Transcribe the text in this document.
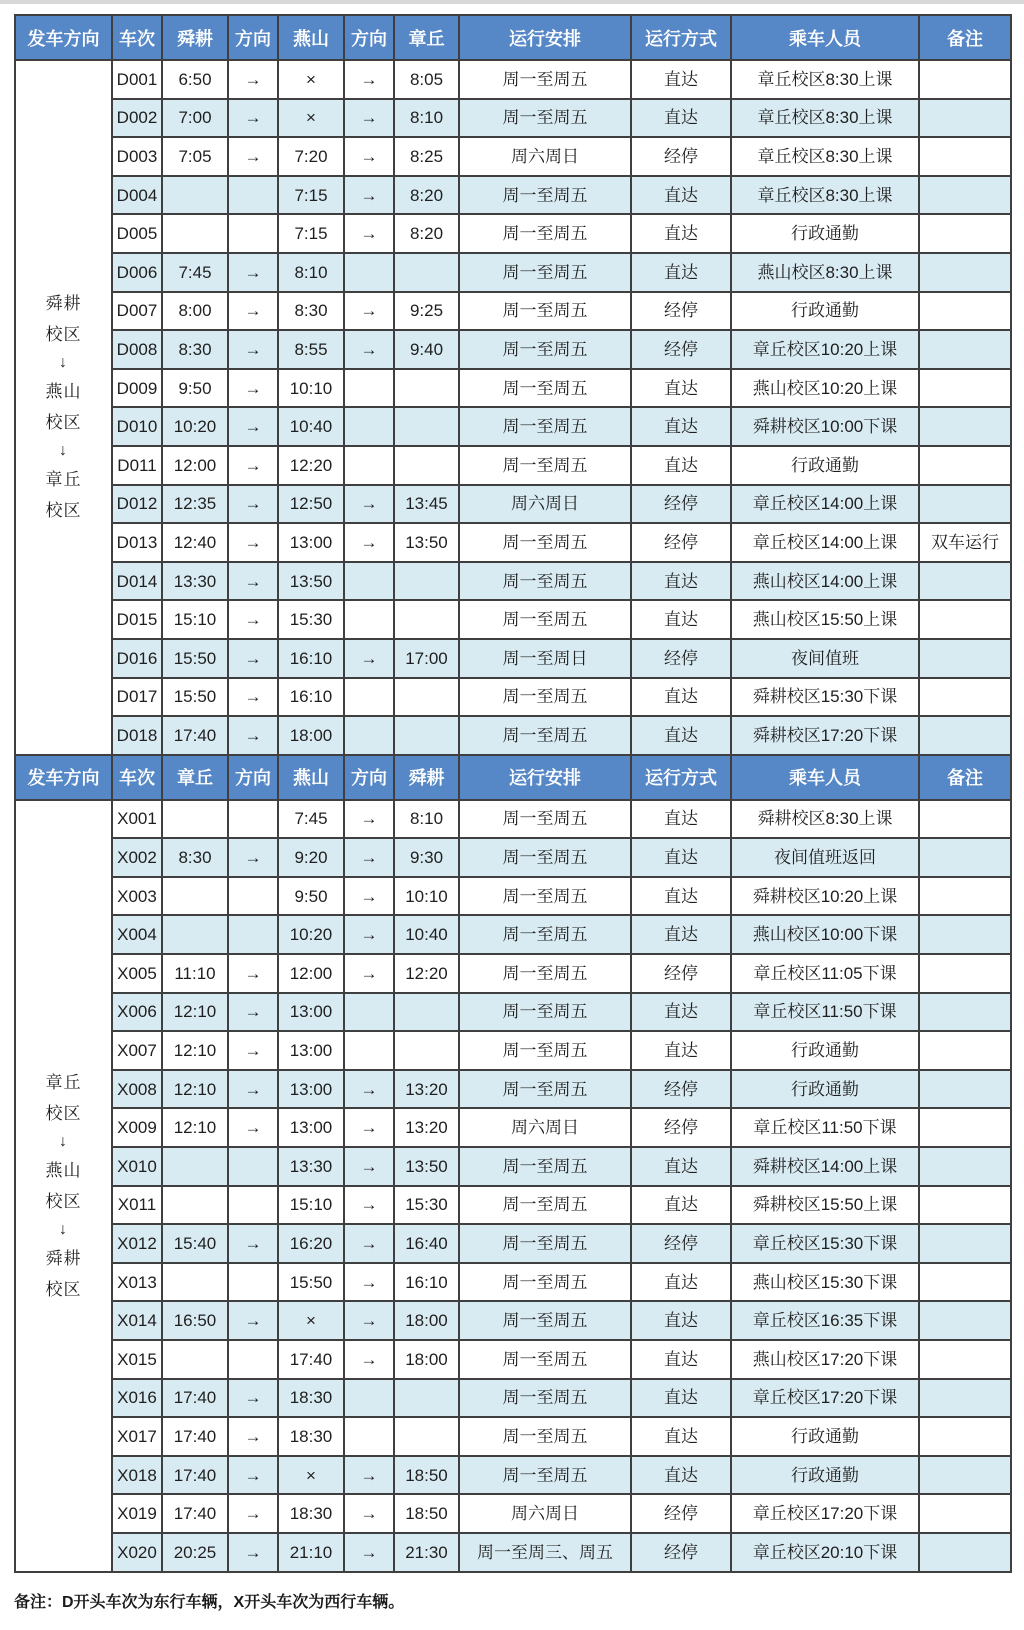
发车方向	车次	舜耕	方向	燕山	方向	章丘	运行安排	运行方式	乘车人员	备注

舜耕
校区
↓
燕山
校区
↓
章丘
校区
	D001	6:50	→	×	→	8:05	周一至周五	直达	章丘校区8:30上课	
	D002	7:00	→	×	→	8:10	周一至周五	直达	章丘校区8:30上课	
	D003	7:05	→	7:20	→	8:25	周六周日	经停	章丘校区8:30上课	
	D004			7:15	→	8:20	周一至周五	直达	章丘校区8:30上课	
	D005			7:15	→	8:20	周一至周五	直达	行政通勤	
	D006	7:45	→	8:10			周一至周五	直达	燕山校区8:30上课	
	D007	8:00	→	8:30	→	9:25	周一至周五	经停	行政通勤	
	D008	8:30	→	8:55	→	9:40	周一至周五	经停	章丘校区10:20上课	
	D009	9:50	→	10:10			周一至周五	直达	燕山校区10:20上课	
	D010	10:20	→	10:40			周一至周五	直达	舜耕校区10:00下课	
	D011	12:00	→	12:20			周一至周五	直达	行政通勤	
	D012	12:35	→	12:50	→	13:45	周六周日	经停	章丘校区14:00上课	
	D013	12:40	→	13:00	→	13:50	周一至周五	经停	章丘校区14:00上课	双车运行
	D014	13:30	→	13:50			周一至周五	直达	燕山校区14:00上课	
	D015	15:10	→	15:30			周一至周五	直达	燕山校区15:50上课	
	D016	15:50	→	16:10	→	17:00	周一至周日	经停	夜间值班	
	D017	15:50	→	16:10			周一至周五	直达	舜耕校区15:30下课	
	D018	17:40	→	18:00			周一至周五	直达	舜耕校区17:20下课	
发车方向	车次	章丘	方向	燕山	方向	舜耕	运行安排	运行方式	乘车人员	备注

章丘
校区
↓
燕山
校区
↓
舜耕
校区
	X001			7:45	→	8:10	周一至周五	直达	舜耕校区8:30上课	
	X002	8:30	→	9:20	→	9:30	周一至周五	直达	夜间值班返回	
	X003			9:50	→	10:10	周一至周五	直达	舜耕校区10:20上课	
	X004			10:20	→	10:40	周一至周五	直达	燕山校区10:00下课	
	X005	11:10	→	12:00	→	12:20	周一至周五	经停	章丘校区11:05下课	
	X006	12:10	→	13:00			周一至周五	直达	章丘校区11:50下课	
	X007	12:10	→	13:00			周一至周五	直达	行政通勤	
	X008	12:10	→	13:00	→	13:20	周一至周五	经停	行政通勤	
	X009	12:10	→	13:00	→	13:20	周六周日	经停	章丘校区11:50下课	
	X010			13:30	→	13:50	周一至周五	直达	舜耕校区14:00上课	
	X011			15:10	→	15:30	周一至周五	直达	舜耕校区15:50上课	
	X012	15:40	→	16:20	→	16:40	周一至周五	经停	章丘校区15:30下课	
	X013			15:50	→	16:10	周一至周五	直达	燕山校区15:30下课	
	X014	16:50	→	×	→	18:00	周一至周五	直达	章丘校区16:35下课	
	X015			17:40	→	18:00	周一至周五	直达	燕山校区17:20下课	
	X016	17:40	→	18:30			周一至周五	直达	章丘校区17:20下课	
	X017	17:40	→	18:30			周一至周五	直达	行政通勤	
	X018	17:40	→	×	→	18:50	周一至周五	直达	行政通勤	
	X019	17:40	→	18:30	→	18:50	周六周日	经停	章丘校区17:20下课	
	X020	20:25	→	21:10	→	21:30	周一至周三、周五	经停	章丘校区20:10下课	
备注：D开头车次为东行车辆，X开头车次为西行车辆。
